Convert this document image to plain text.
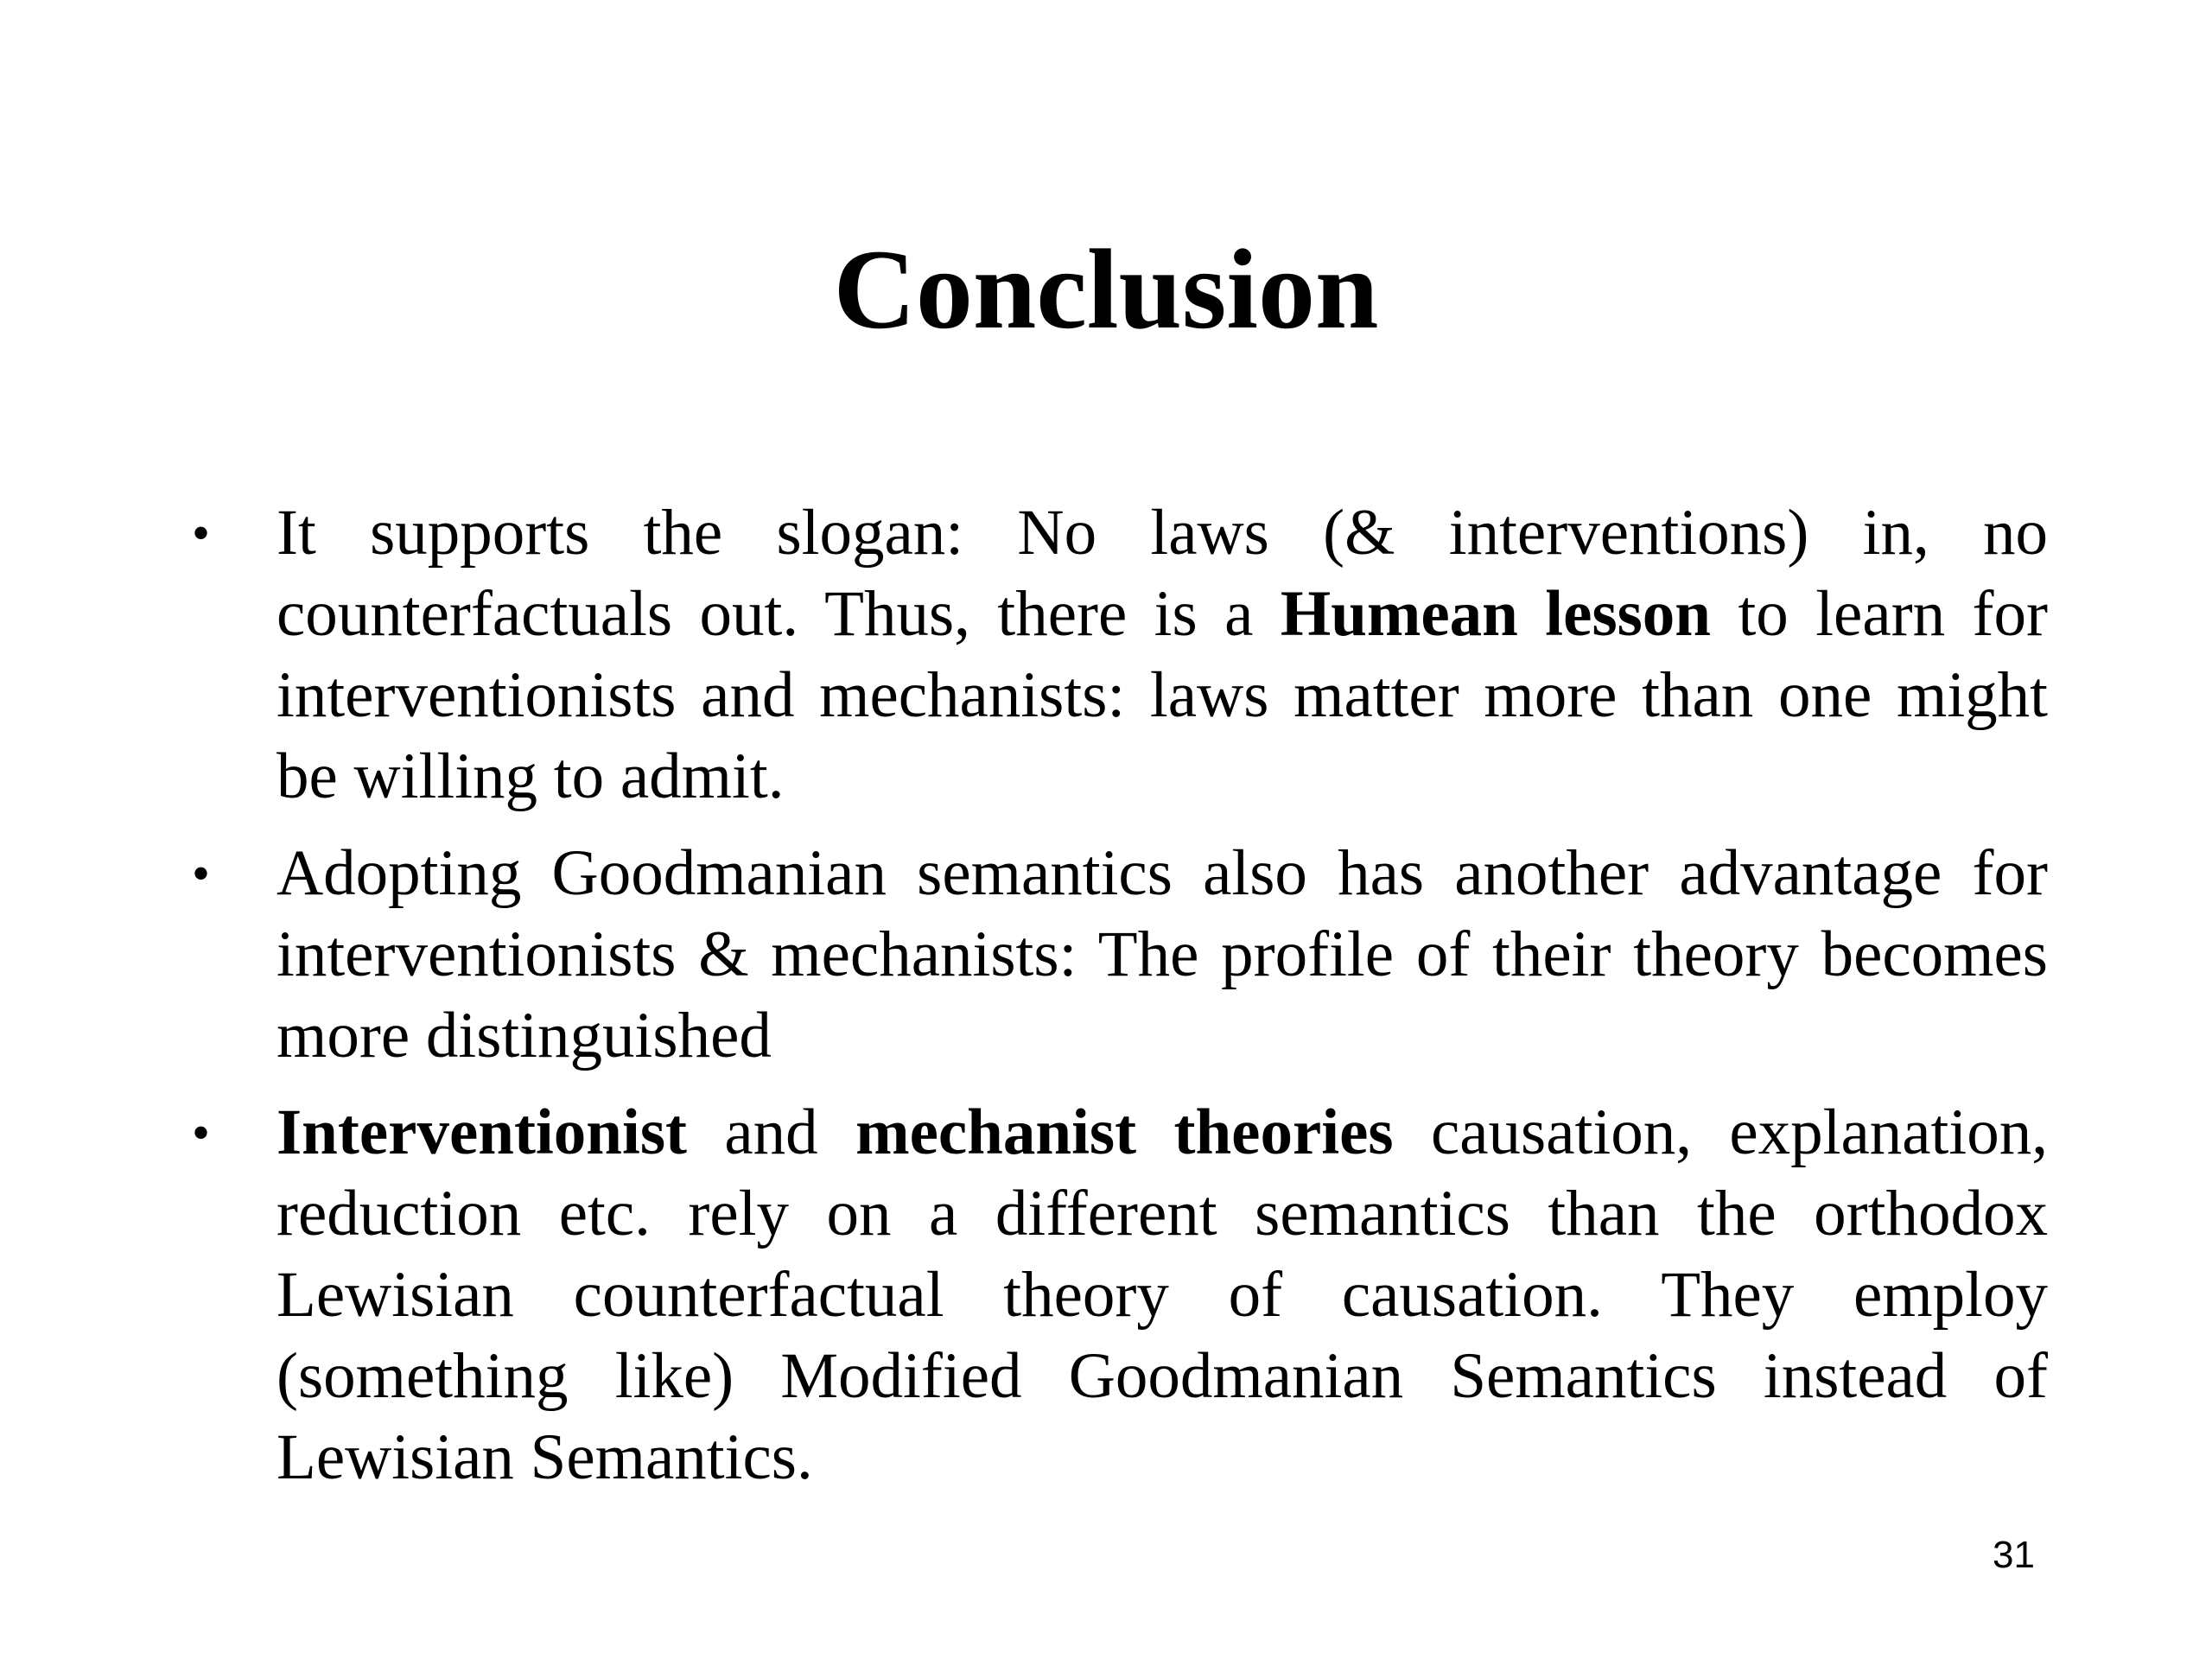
Conclusion
• It supports the slogan: No laws (& interventions) in, no counterfactuals out. Thus, there is a Humean lesson to learn for interventionists and mechanists: laws matter more than one might be willing to admit.
• Adopting Goodmanian semantics also has another advantage for interventionists & mechanists: The profile of their theory becomes more distinguished
• Interventionist and mechanist theories causation, explanation, reduction etc. rely on a different semantics than the orthodox Lewisian counterfactual theory of causation. They employ (something like) Modified Goodmanian Semantics instead of Lewisian Semantics.
31
